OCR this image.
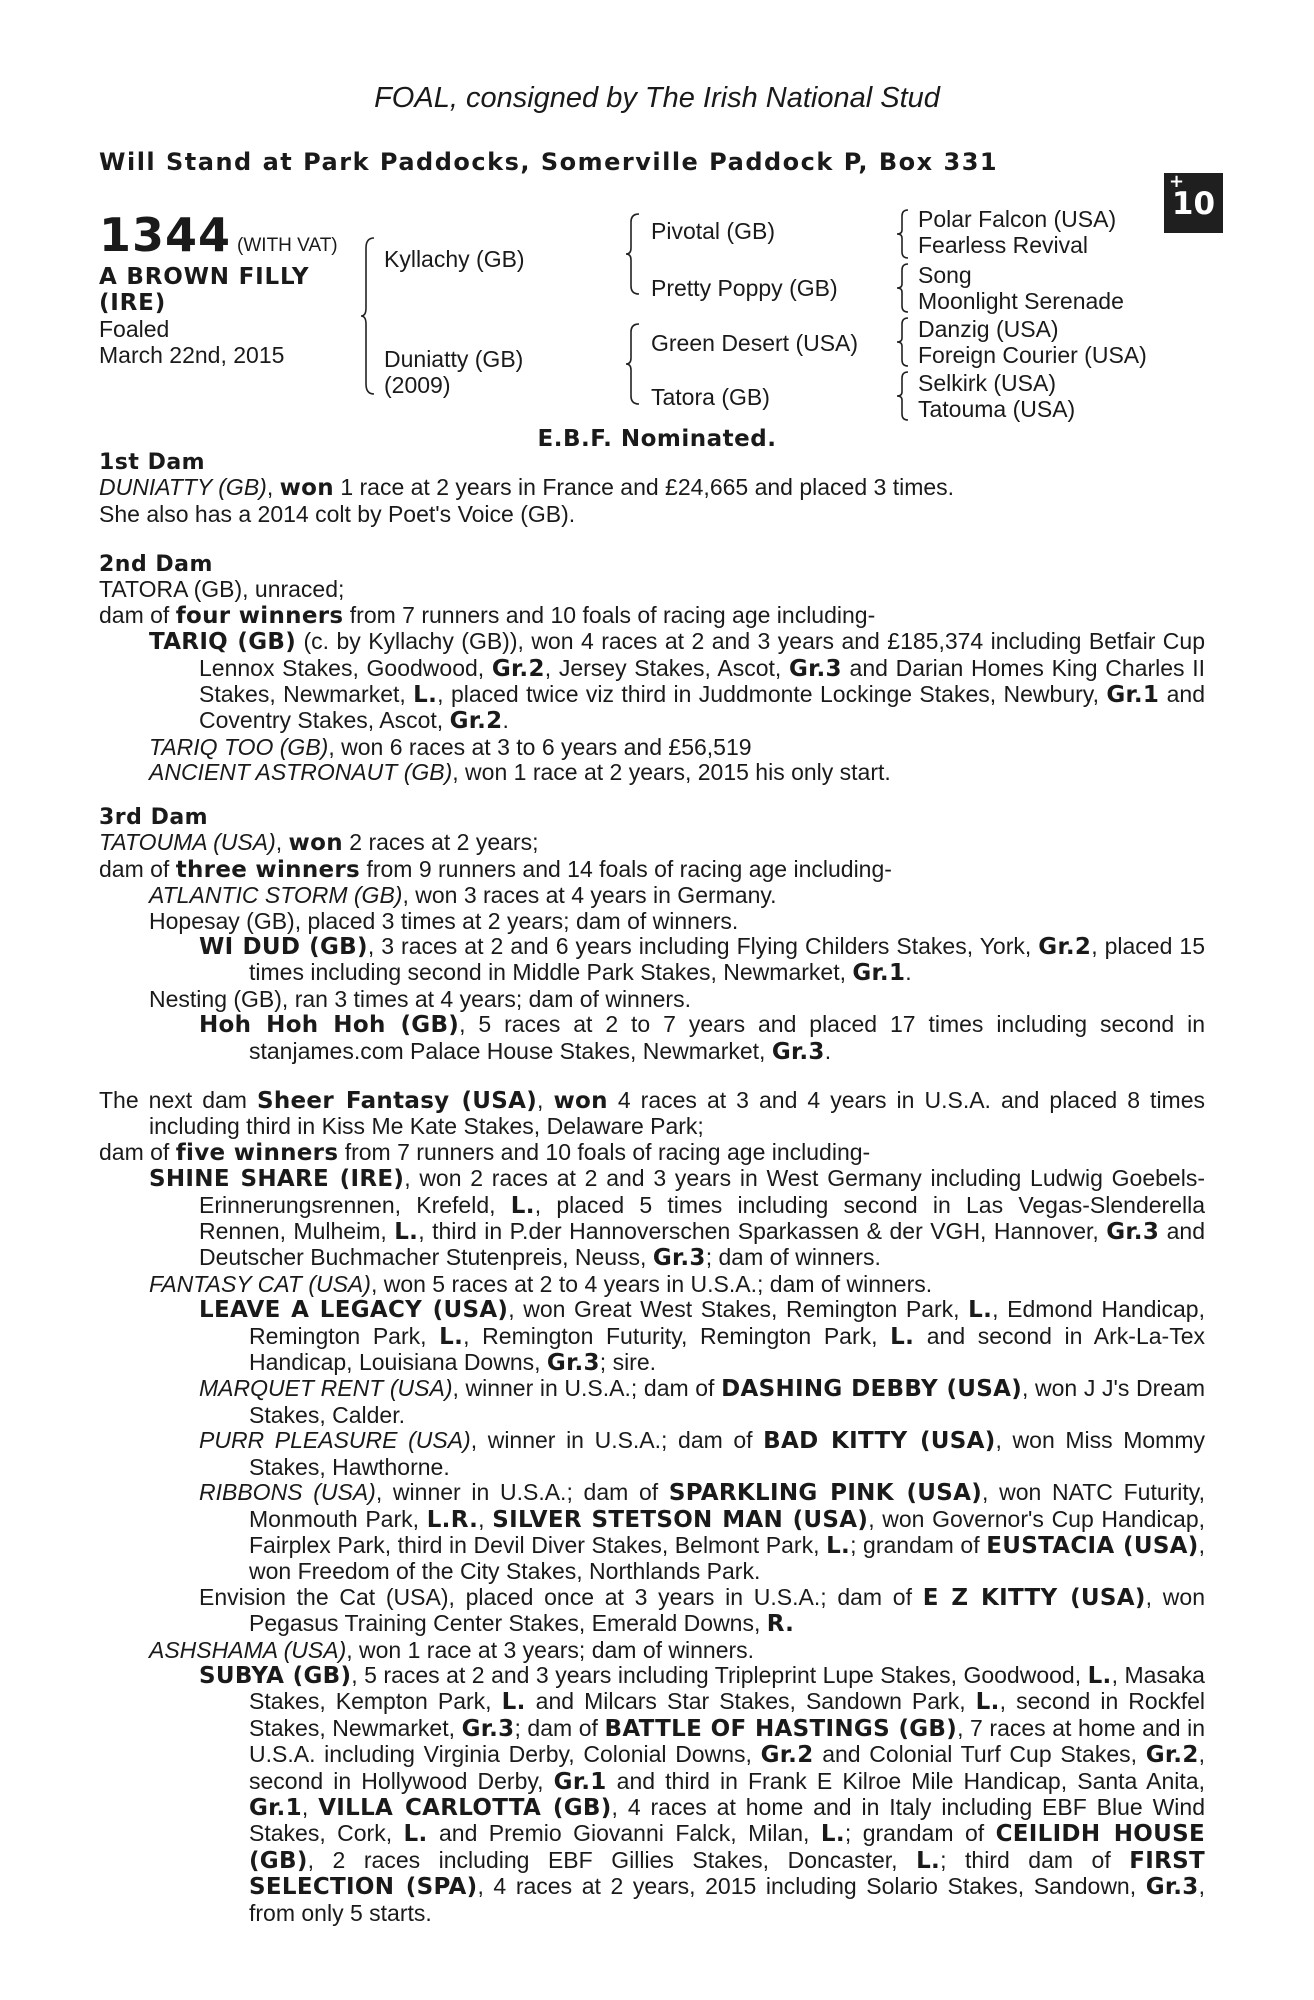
FOAL, consigned by The Irish National Stud
Will Stand at Park Paddocks, Somerville Paddock P, Box 331
+
10
1344 (WITH VAT)
A BROWN FILLY
(IRE)
Foaled
March 22nd, 2015
Kyllachy (GB)
Duniatty (GB)
(2009)
Pivotal (GB)
Pretty Poppy (GB)
Green Desert (USA)
Tatora (GB)
Polar Falcon (USA)
Fearless Revival
Song
Moonlight Serenade
Danzig (USA)
Foreign Courier (USA)
Selkirk (USA)
Tatouma (USA)
E.B.F. Nominated.
1st Dam
DUNIATTY (GB), won 1 race at 2 years in France and £24,665 and placed 3 times.
She also has a 2014 colt by Poet's Voice (GB).
2nd Dam
TATORA (GB), unraced;
dam of four winners from 7 runners and 10 foals of racing age including-
TARIQ (GB) (c. by Kyllachy (GB)), won 4 races at 2 and 3 years and £185,374 including Betfair Cup Lennox Stakes, Goodwood, Gr.2, Jersey Stakes, Ascot, Gr.3 and Darian Homes King Charles II Stakes, Newmarket, L., placed twice viz third in Juddmonte Lockinge Stakes, Newbury, Gr.1 and Coventry Stakes, Ascot, Gr.2.
TARIQ TOO (GB), won 6 races at 3 to 6 years and £56,519
ANCIENT ASTRONAUT (GB), won 1 race at 2 years, 2015 his only start.
3rd Dam
TATOUMA (USA), won 2 races at 2 years;
dam of three winners from 9 runners and 14 foals of racing age including-
ATLANTIC STORM (GB), won 3 races at 4 years in Germany.
Hopesay (GB), placed 3 times at 2 years; dam of winners.
WI DUD (GB), 3 races at 2 and 6 years including Flying Childers Stakes, York, Gr.2, placed 15 times including second in Middle Park Stakes, Newmarket, Gr.1.
Nesting (GB), ran 3 times at 4 years; dam of winners.
Hoh Hoh Hoh (GB), 5 races at 2 to 7 years and placed 17 times including second in stanjames.com Palace House Stakes, Newmarket, Gr.3.
The next dam Sheer Fantasy (USA), won 4 races at 3 and 4 years in U.S.A. and placed 8 times including third in Kiss Me Kate Stakes, Delaware Park;
dam of five winners from 7 runners and 10 foals of racing age including-
SHINE SHARE (IRE), won 2 races at 2 and 3 years in West Germany including Ludwig Goebels-Erinnerungsrennen, Krefeld, L., placed 5 times including second in Las Vegas-Slenderella Rennen, Mulheim, L., third in P.der Hannoverschen Sparkassen & der VGH, Hannover, Gr.3 and Deutscher Buchmacher Stutenpreis, Neuss, Gr.3; dam of winners.
FANTASY CAT (USA), won 5 races at 2 to 4 years in U.S.A.; dam of winners.
LEAVE A LEGACY (USA), won Great West Stakes, Remington Park, L., Edmond Handicap, Remington Park, L., Remington Futurity, Remington Park, L. and second in Ark-La-Tex Handicap, Louisiana Downs, Gr.3; sire.
MARQUET RENT (USA), winner in U.S.A.; dam of DASHING DEBBY (USA), won J J's Dream Stakes, Calder.
PURR PLEASURE (USA), winner in U.S.A.; dam of BAD KITTY (USA), won Miss Mommy Stakes, Hawthorne.
RIBBONS (USA), winner in U.S.A.; dam of SPARKLING PINK (USA), won NATC Futurity, Monmouth Park, L.R., SILVER STETSON MAN (USA), won Governor's Cup Handicap, Fairplex Park, third in Devil Diver Stakes, Belmont Park, L.; grandam of EUSTACIA (USA), won Freedom of the City Stakes, Northlands Park.
Envision the Cat (USA), placed once at 3 years in U.S.A.; dam of E Z KITTY (USA), won Pegasus Training Center Stakes, Emerald Downs, R.
ASHSHAMA (USA), won 1 race at 3 years; dam of winners.
SUBYA (GB), 5 races at 2 and 3 years including Tripleprint Lupe Stakes, Goodwood, L., Masaka Stakes, Kempton Park, L. and Milcars Star Stakes, Sandown Park, L., second in Rockfel Stakes, Newmarket, Gr.3; dam of BATTLE OF HASTINGS (GB), 7 races at home and in U.S.A. including Virginia Derby, Colonial Downs, Gr.2 and Colonial Turf Cup Stakes, Gr.2, second in Hollywood Derby, Gr.1 and third in Frank E Kilroe Mile Handicap, Santa Anita, Gr.1, VILLA CARLOTTA (GB), 4 races at home and in Italy including EBF Blue Wind Stakes, Cork, L. and Premio Giovanni Falck, Milan, L.; grandam of CEILIDH HOUSE (GB), 2 races including EBF Gillies Stakes, Doncaster, L.; third dam of FIRST SELECTION (SPA), 4 races at 2 years, 2015 including Solario Stakes, Sandown, Gr.3, from only 5 starts.
